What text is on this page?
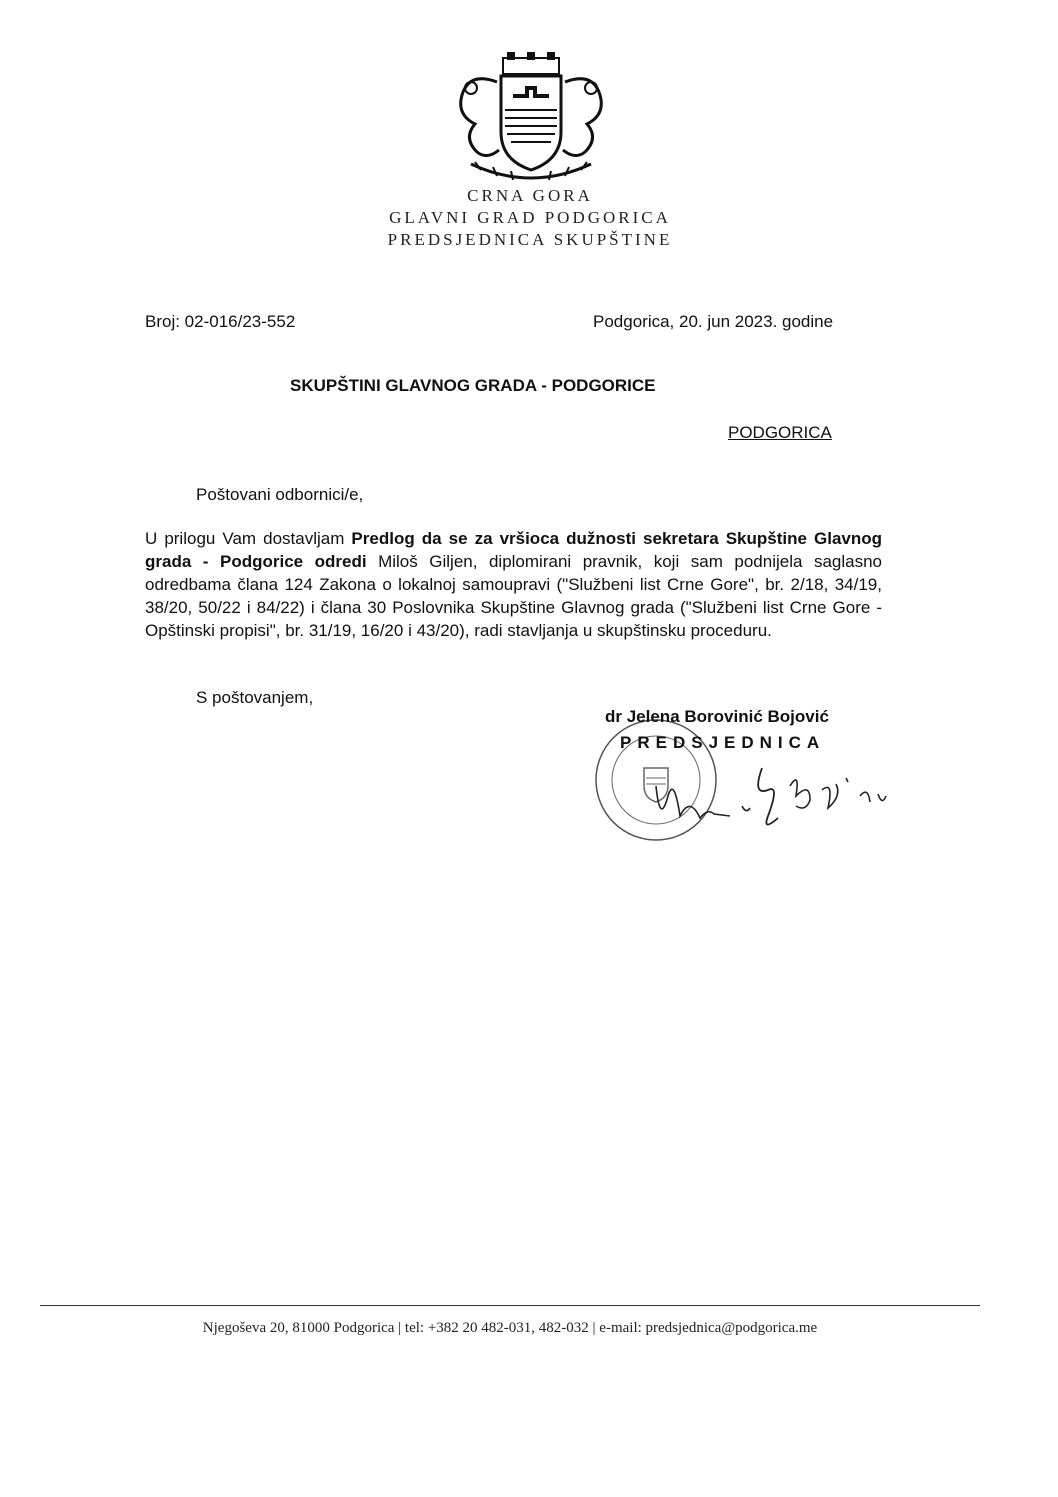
CRNA GORA
GLAVNI GRAD PODGORICA
PREDSJEDNICA SKUPŠTINE
Broj: 02-016/23-552	Podgorica, 20. jun 2023. godine
SKUPŠTINI GLAVNOG GRADA - PODGORICE
PODGORICA
Poštovani odbornici/e,
U prilogu Vam dostavljam Predlog da se za vršioca dužnosti sekretara Skupštine Glavnog grada - Podgorice odredi Miloš Giljen, diplomirani pravnik, koji sam podnijela saglasno odredbama člana 124 Zakona o lokalnoj samoupravi ("Službeni list Crne Gore", br. 2/18, 34/19, 38/20, 50/22 i 84/22) i člana 30 Poslovnika Skupštine Glavnog grada ("Službeni list Crne Gore - Opštinski propisi", br. 31/19, 16/20 i 43/20), radi stavljanja u skupštinsku proceduru.
S poštovanjem,
dr Jelena Borovinić Bojović
PREDSJEDNICA
Njegoševa 20, 81000 Podgorica | tel: +382 20 482-031, 482-032 | e-mail: predsjednica@podgorica.me
